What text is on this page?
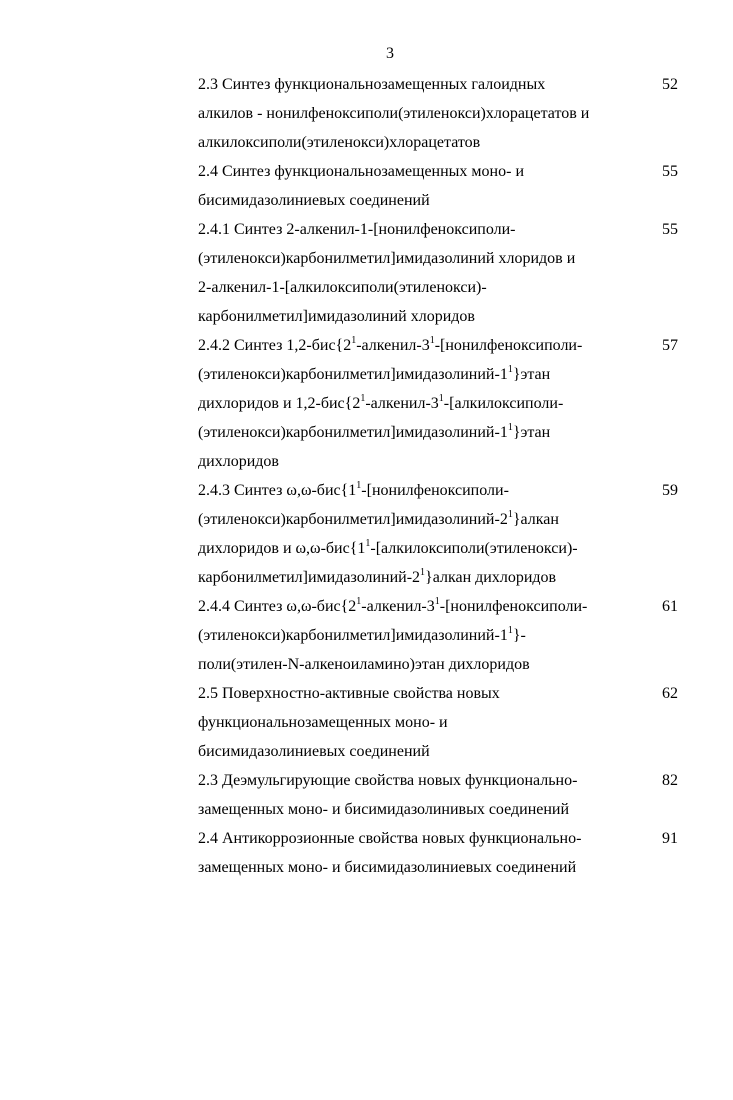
3
52
2.3 Синтез функциональнозамещенных галоидных
алкилов - нонилфеноксиполи(этиленокси)хлорацетатов и
алкилоксиполи(этиленокси)хлорацетатов
55
2.4 Синтез функциональнозамещенных моно- и
бисимидазолиниевых соединений
55
2.4.1 Синтез 2-алкенил-1-[нонилфеноксиполи-
(этиленокси)карбонилметил]имидазолиний хлоридов и
2-алкенил-1-[алкилоксиполи(этиленокси)-
карбонилметил]имидазолиний хлоридов
57
2.4.2 Синтез $1,2-бис\{2^1-алкенил-3^1-[нонилфеноксиполи-$
$(этиленокси)карбонилметил]имидазолиний-1^1\}этан$
дихлоридов и $1,2-бис\{2^1-алкенил-3^1-[алкилоксиполи-$
$(этиленокси)карбонилметил]имидазолиний-1^1\}этан$
дихлоридов
59
2.4.3 Синтез $\omega,\omega-бис\{1^1-[нонилфеноксиполи-$
$(этиленокси)карбонилметил]имидазолиний-2^1\}алкан$
дихлоридов и $\omega,\omega-бис\{1^1-[алкилоксиполи(этиленокси)-$
$карбонилметил]имидазолиний-2^1\}алкан$ дихлоридов
61
2.4.4 Синтез $\omega,\omega-бис\{2^1-алкенил-3^1-[нонилфеноксиполи-$
$(этиленокси)карбонилметил]имидазолиний-1^1\}-$
поли(этилен-N-алкеноиламино)этан дихлоридов
62
2.5 Поверхностно-активные свойства новых
функциональнозамещенных моно- и
бисимидазолиниевых соединений
82
2.3 Деэмульгирующие свойства новых функционально-
замещенных моно- и бисимидазолинивых соединений
91
2.4 Антикоррозионные свойства новых функционально-
замещенных моно- и бисимидазолиниевых соединений
